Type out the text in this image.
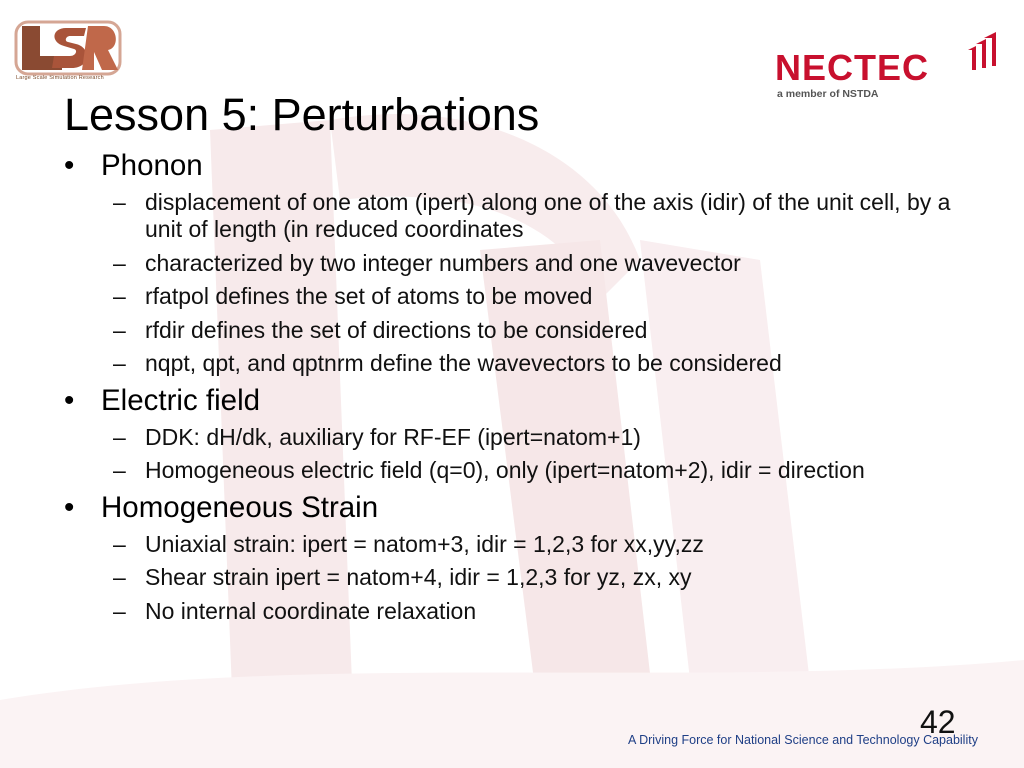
Large Scale Simulation Research	NECTEC
a member of NSTDA
Lesson 5: Perturbations
• Phonon
– displacement of one atom (ipert) along one of the axis (idir) of the unit cell, by a unit of length (in reduced coordinates
– characterized by two integer numbers and one wavevector
– rfatpol defines the set of atoms to be moved
– rfdir defines the set of directions to be considered
– nqpt, qpt, and qptnrm define the wavevectors to be considered
• Electric field
– DDK: dH/dk, auxiliary for RF-EF (ipert=natom+1)
– Homogeneous electric field (q=0), only (ipert=natom+2), idir = direction
• Homogeneous Strain
– Uniaxial strain: ipert = natom+3, idir = 1,2,3 for xx,yy,zz
– Shear strain ipert = natom+4, idir = 1,2,3 for yz, zx, xy
– No internal coordinate relaxation
42
A Driving Force for National Science and Technology Capability
